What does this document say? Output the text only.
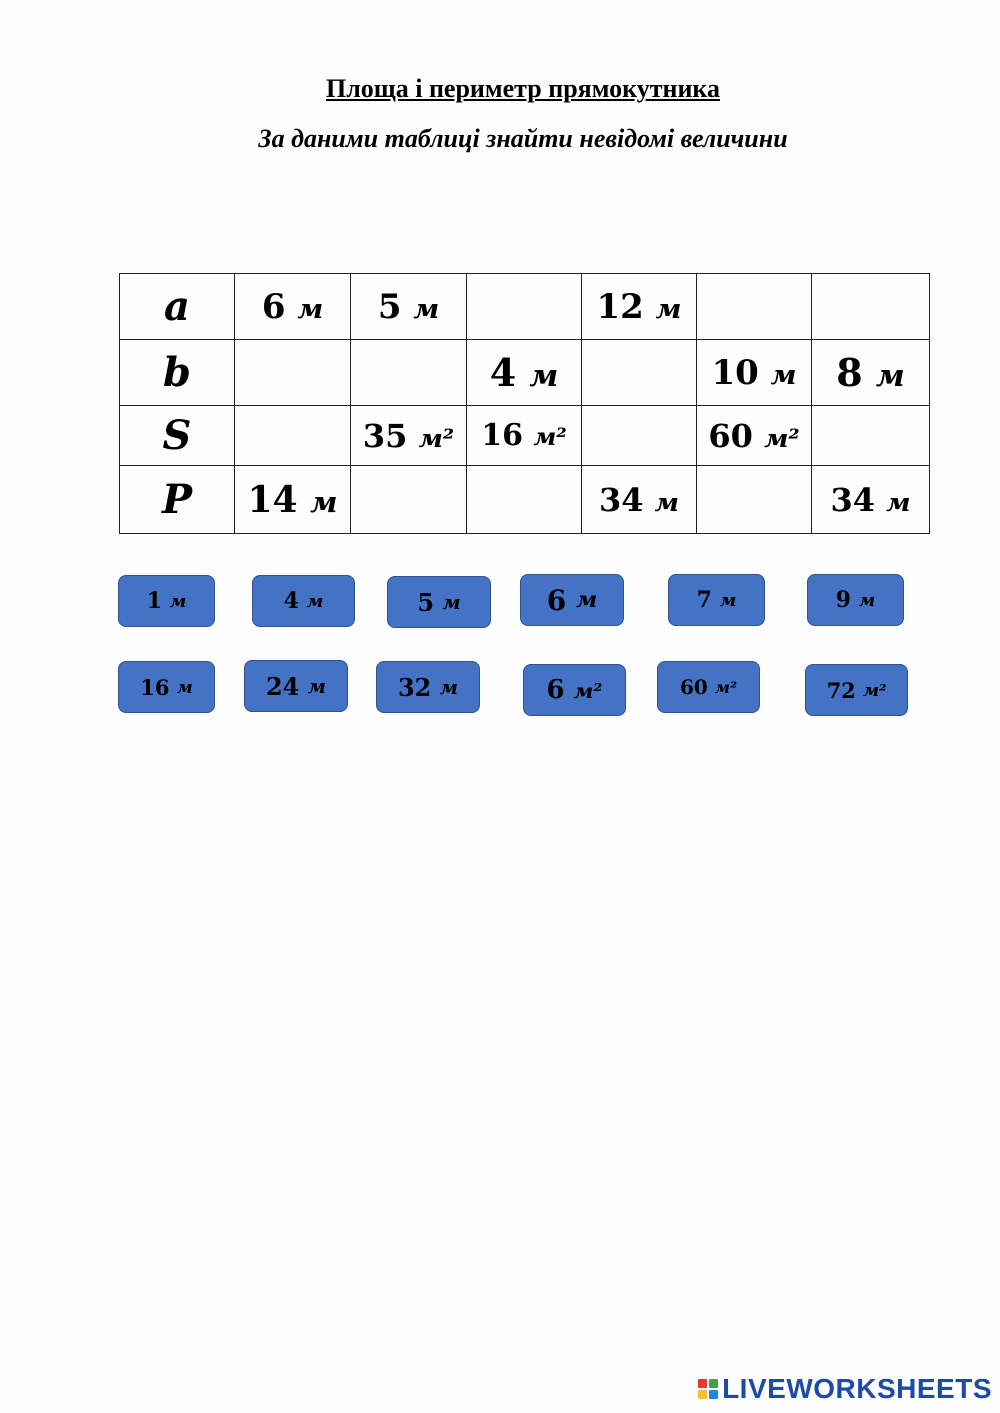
Площа і периметр прямокутника
За даними таблиці знайти невідомі величини
a	6 м	5 м		12 м		
b			4 м		10 м	8 м
S		35 м²	16 м²		60 м²	
P	14 м			34 м		34 м
1
м	4
м	5
м	6
м	7
м	9
м
16
м	24
м	32
м	6
м²	60
м²	72
м²
LIVEWORKSHEETS
